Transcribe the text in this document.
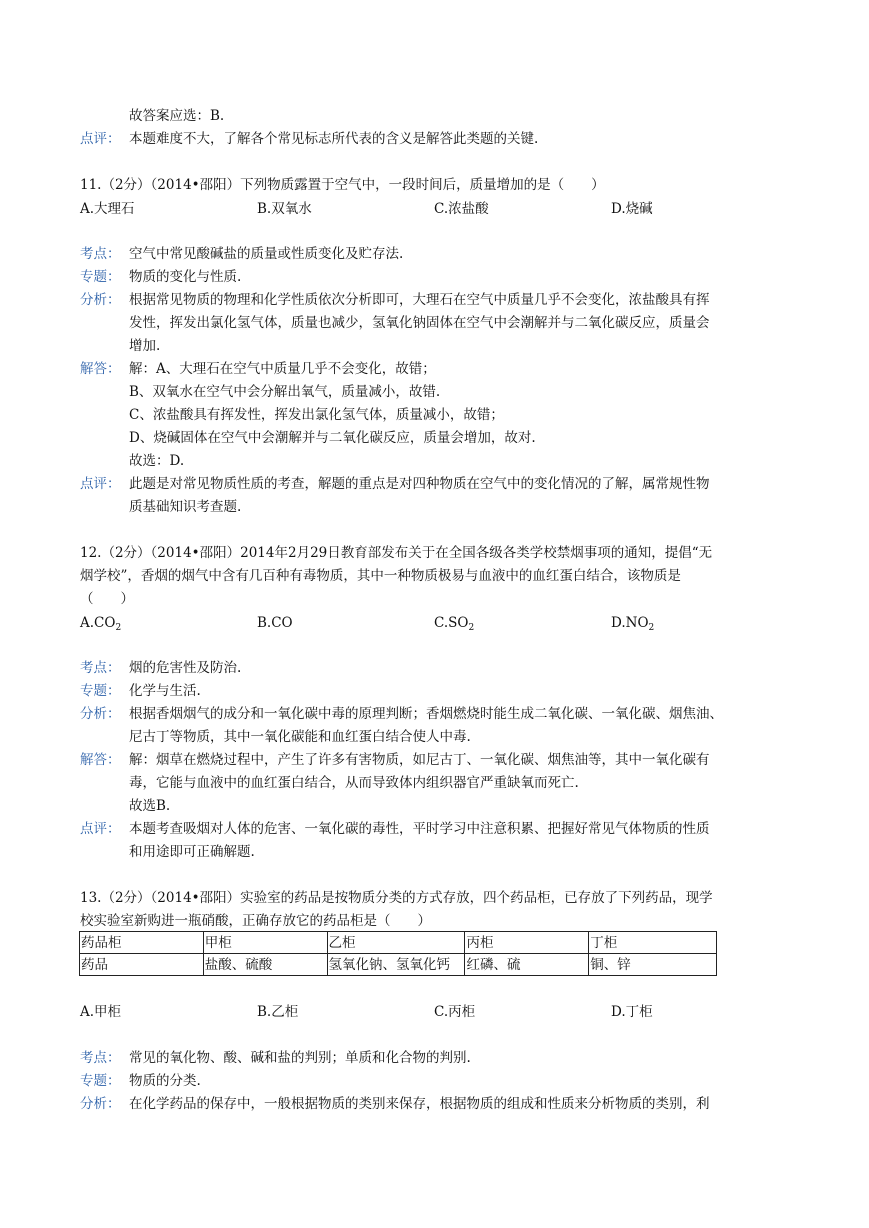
故答案应选：B.
点评： 本题难度不大，了解各个常见标志所代表的含义是解答此类题的关键.
11.（2分）（2014•邵阳）下列物质露置于空气中，一段时间后，质量增加的是（　　）
A.大理石	B.双氧水	C.浓盐酸	D.烧碱
考点： 空气中常见酸碱盐的质量或性质变化及贮存法.
专题： 物质的变化与性质.
分析： 根据常见物质的物理和化学性质依次分析即可，大理石在空气中质量几乎不会变化，浓盐酸具有挥
发性，挥发出氯化氢气体，质量也减少，氢氧化钠固体在空气中会潮解并与二氧化碳反应，质量会
增加.
解答： 解：A、大理石在空气中质量几乎不会变化，故错；
B、双氧水在空气中会分解出氧气，质量减小，故错.
C、浓盐酸具有挥发性，挥发出氯化氢气体，质量减小，故错；
D、烧碱固体在空气中会潮解并与二氧化碳反应，质量会增加，故对.
故选：D.
点评： 此题是对常见物质性质的考查，解题的重点是对四种物质在空气中的变化情况的了解，属常规性物
质基础知识考查题.
12.（2分）（2014•邵阳）2014年2月29日教育部发布关于在全国各级各类学校禁烟事项的通知，提倡“无
烟学校”，香烟的烟气中含有几百种有毒物质，其中一种物质极易与血液中的血红蛋白结合，该物质是
（　　）
$A.CO_2$	B.CO	$C.SO_2$	$D.NO_2$
考点： 烟的危害性及防治.
专题： 化学与生活.
分析： 根据香烟烟气的成分和一氧化碳中毒的原理判断；香烟燃烧时能生成二氧化碳、一氧化碳、烟焦油、
尼古丁等物质，其中一氧化碳能和血红蛋白结合使人中毒.
解答： 解：烟草在燃烧过程中，产生了许多有害物质，如尼古丁、一氧化碳、烟焦油等，其中一氧化碳有
毒，它能与血液中的血红蛋白结合，从而导致体内组织器官严重缺氧而死亡.
故选B.
点评： 本题考查吸烟对人体的危害、一氧化碳的毒性，平时学习中注意积累、把握好常见气体物质的性质
和用途即可正确解题.
13.（2分）（2014•邵阳）实验室的药品是按物质分类的方式存放，四个药品柜，已存放了下列药品，现学
校实验室新购进一瓶硝酸，正确存放它的药品柜是（　　）
药品柜	甲柜	乙柜	丙柜	丁柜
药品	盐酸、硫酸	氢氧化钠、氢氧化钙	红磷、硫	铜、锌
A.甲柜	B.乙柜	C.丙柜	D.丁柜
考点： 常见的氧化物、酸、碱和盐的判别；单质和化合物的判别.
专题： 物质的分类.
分析： 在化学药品的保存中，一般根据物质的类别来保存，根据物质的组成和性质来分析物质的类别，利
